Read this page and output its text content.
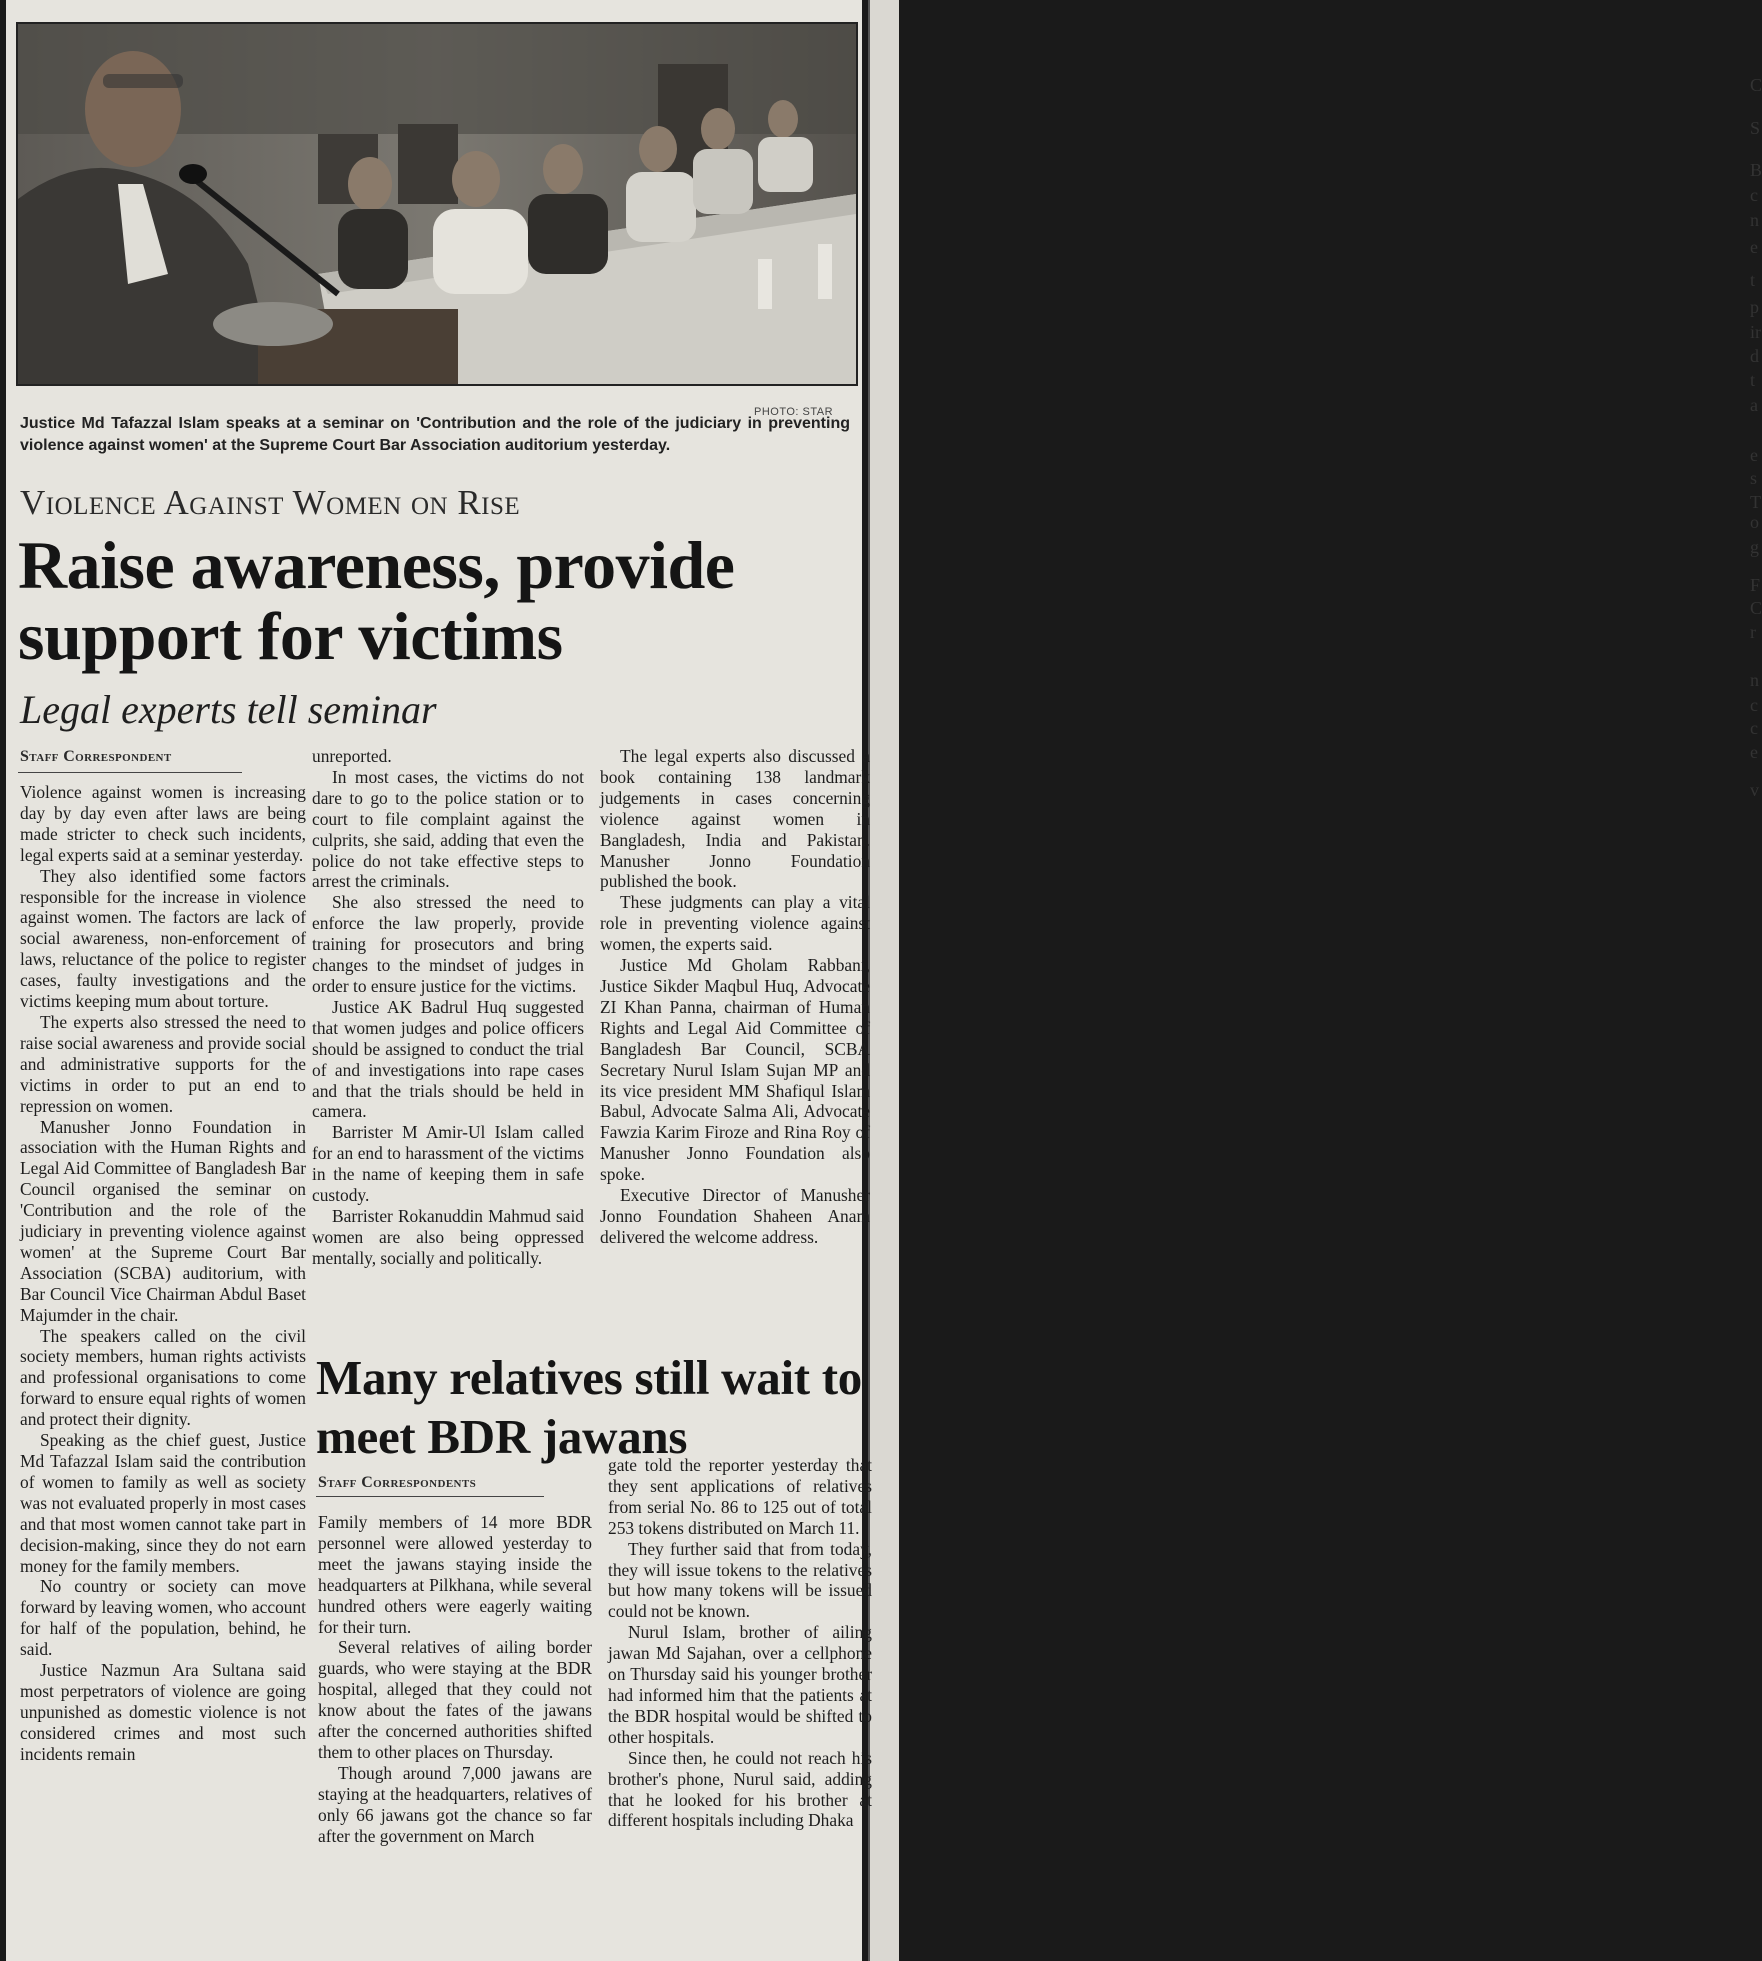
C
S
B
c
n
e
t
p
ir
d
t
a
e
s
T
o
g
F
C
r
n
c
c
e
v
PHOTO: STAR
Justice Md Tafazzal Islam speaks at a seminar on 'Contribution and the role of the judiciary in preventing violence against women' at the Supreme Court Bar Association auditorium yesterday.
Violence Against Women on Rise
Raise awareness, provide support for victims
Legal experts tell seminar
Staff Correspondent

Violence against women is increasing day by day even after laws are being made stricter to check such incidents, legal experts said at a seminar yesterday.

They also identified some factors responsible for the increase in violence against women. The factors are lack of social awareness, non-enforcement of laws, reluctance of the police to register cases, faulty investigations and the victims keeping mum about torture.

The experts also stressed the need to raise social awareness and provide social and administrative supports for the victims in order to put an end to repression on women.

Manusher Jonno Foundation in association with the Human Rights and Legal Aid Committee of Bangladesh Bar Council organised the seminar on 'Contribution and the role of the judiciary in preventing violence against women' at the Supreme Court Bar Association (SCBA) auditorium, with Bar Council Vice Chairman Abdul Baset Majumder in the chair.

The speakers called on the civil society members, human rights activists and professional organisations to come forward to ensure equal rights of women and protect their dignity.

Speaking as the chief guest, Justice Md Tafazzal Islam said the contribution of women to family as well as society was not evaluated properly in most cases and that most women cannot take part in decision-making, since they do not earn money for the family members.

No country or society can move forward by leaving women, who account for half of the population, behind, he said.

Justice Nazmun Ara Sultana said most perpetrators of violence are going unpunished as domestic violence is not considered crimes and most such incidents remain

unreported.

In most cases, the victims do not dare to go to the police station or to court to file complaint against the culprits, she said, adding that even the police do not take effective steps to arrest the criminals.

She also stressed the need to enforce the law properly, provide training for prosecutors and bring changes to the mindset of judges in order to ensure justice for the victims.

Justice AK Badrul Huq suggested that women judges and police officers should be assigned to conduct the trial of and investigations into rape cases and that the trials should be held in camera.

Barrister M Amir-Ul Islam called for an end to harassment of the victims in the name of keeping them in safe custody.

Barrister Rokanuddin Mahmud said women are also being oppressed mentally, socially and politically.

The legal experts also discussed a book containing 138 landmark judgements in cases concerning violence against women in Bangladesh, India and Pakistan. Manusher Jonno Foundation published the book.

These judgments can play a vital role in preventing violence against women, the experts said.

Justice Md Gholam Rabbani, Justice Sikder Maqbul Huq, Advocate ZI Khan Panna, chairman of Human Rights and Legal Aid Committee of Bangladesh Bar Council, SCBA Secretary Nurul Islam Sujan MP and its vice president MM Shafiqul Islam Babul, Advocate Salma Ali, Advocate Fawzia Karim Firoze and Rina Roy of Manusher Jonno Foundation also spoke.

Executive Director of Manusher Jonno Foundation Shaheen Anam delivered the welcome address.

Many relatives still wait to meet BDR jawans
Staff Correspondents

Family members of 14 more BDR personnel were allowed yesterday to meet the jawans staying inside the headquarters at Pilkhana, while several hundred others were eagerly waiting for their turn.

Several relatives of ailing border guards, who were staying at the BDR hospital, alleged that they could not know about the fates of the jawans after the concerned authorities shifted them to other places on Thursday.

Though around 7,000 jawans are staying at the headquarters, relatives of only 66 jawans got the chance so far after the government on March

gate told the reporter yesterday that they sent applications of relatives from serial No. 86 to 125 out of total 253 tokens distributed on March 11.

They further said that from today, they will issue tokens to the relatives but how many tokens will be issued could not be known.

Nurul Islam, brother of ailing jawan Md Sajahan, over a cellphone on Thursday said his younger brother had informed him that the patients at the BDR hospital would be shifted to other hospitals.

Since then, he could not reach his brother's phone, Nurul said, adding that he looked for his brother at different hospitals including Dhaka
